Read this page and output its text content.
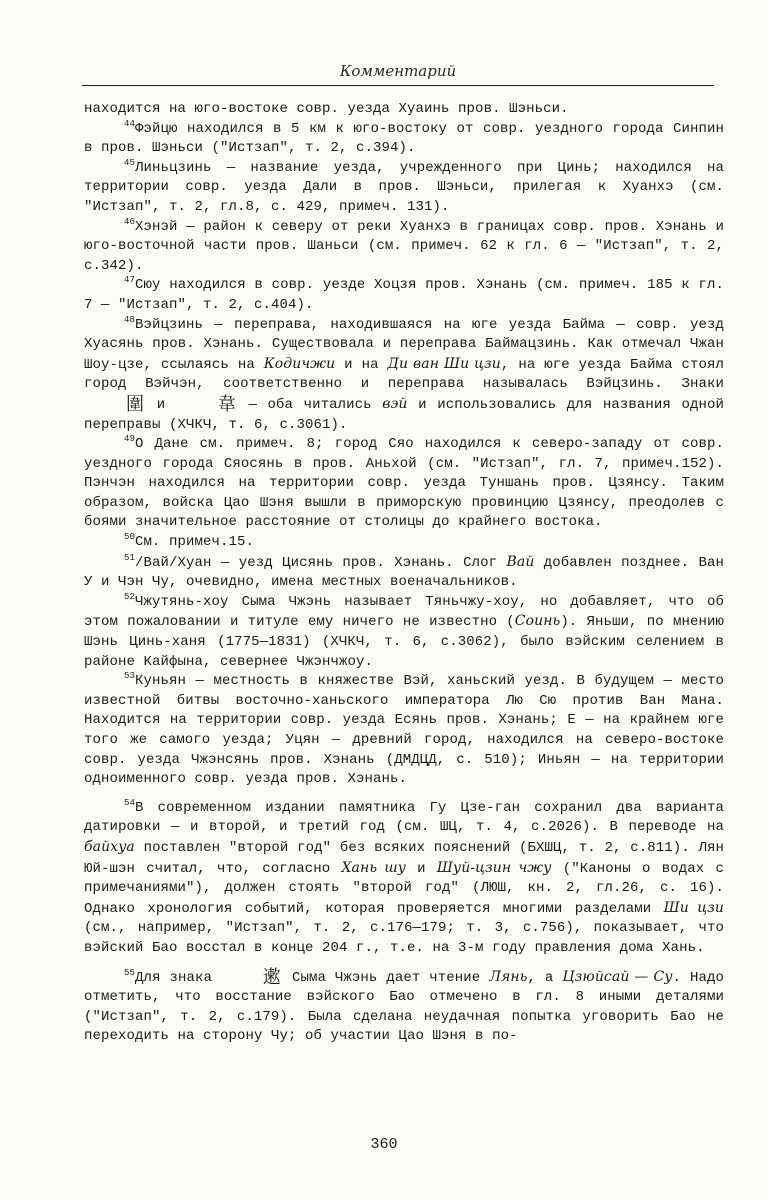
Комментарий

находится на юго-востоке совр. уезда Хуаинь пров. Шэньси.

$^{44}$Фэйцю находился в 5 км к юго-востоку от совр. уездного города Синпин в пров. Шэньси ("Истзап", т. 2, с.394).

$^{45}$Линьцзинь — название уезда, учрежденного при Цинь; находился на территории совр. уезда Дали в пров. Шэньси, прилегая к Хуанхэ (см. "Истзап", т. 2, гл.8, с. 429, примеч. 131).

$^{46}$Хэнэй — район к северу от реки Хуанхэ в границах совр. пров. Хэнань и юго-восточной части пров. Шаньси (см. примеч. 62 к гл. 6 — "Истзап", т. 2, с.342).

$^{47}$Сюу находился в совр. уезде Хоцзя пров. Хэнань (см. примеч. 185 к гл. 7 — "Истзап", т. 2, с.404).

$^{48}$Вэйцзинь — переправа, находившаяся на юге уезда Байма — совр. уезд Хуасянь пров. Хэнань. Существовала и переправа Баймацзинь. Как отмечал Чжан Шоу-цзе, ссылаясь на Кодичжи и на Ди ван Ши цзи, на юге уезда Байма стоял город Вэйчэн, соответственно и переправа называлась Вэйцзинь. Знаки 圍 и 韋 — оба читались вэй и использовались для названия одной переправы (ХЧКЧ, т. 6, с.3061).

$^{49}$О Дане см. примеч. 8; город Сяо находился к северо-западу от совр. уездного города Сяосянь в пров. Аньхой (см. "Истзап", гл. 7, примеч.152). Пэнчэн находился на территории совр. уезда Туншань пров. Цзянсу. Таким образом, войска Цао Шэня вышли в приморскую провинцию Цзянсу, преодолев с боями значительное расстояние от столицы до крайнего востока.

$^{50}$См. примеч.15.

$^{51}$/Вай/Хуан — уезд Цисянь пров. Хэнань. Слог Вай добавлен позднее. Ван У и Чэн Чу, очевидно, имена местных военачальников.

$^{52}$Чжутянь-хоу Сыма Чжэнь называет Тяньчжу-хоу, но добавляет, что об этом пожаловании и титуле ему ничего не известно (Соинь). Яньши, по мнению Шэнь Цинь-ханя (1775—1831) (ХЧКЧ, т. 6, с.3062), было вэйским селением в районе Кайфына, севернее Чжэнчжоу.

$^{53}$Куньян — местность в княжестве Вэй, ханьский уезд. В будущем — место известной битвы восточно-ханьского императора Лю Сю против Ван Мана. Находится на территории совр. уезда Есянь пров. Хэнань; Е — на крайнем юге того же самого уезда; Уцян — древний город, находился на северо-востоке совр. уезда Чжэнсянь пров. Хэнань (ДМДЦД, с. 510); Иньян — на территории одноименного совр. уезда пров. Хэнань.

$^{54}$В современном издании памятника Гу Цзе-ган сохранил два варианта датировки — и второй, и третий год (см. ШЦ, т. 4, с.2026). В переводе на байхуа поставлен "второй год" без всяких пояснений (БХШЦ, т. 2, с.811). Лян Юй-шэн считал, что, согласно Хань шу и Шуй-цзин чжу ("Каноны о водах с примечаниями"), должен стоять "второй год" (ЛЮШ, кн. 2, гл.26, с. 16). Однако хронология событий, которая проверяется многими разделами Ши цзи (см., например, "Истзап", т. 2, с.176—179; т. 3, с.756), показывает, что вэйский Бао восстал в конце 204 г., т.е. на 3-м году правления дома Хань.

$^{55}$Для знака 遬 Сыма Чжэнь дает чтение Лянь, а Цзюйсай — Су. Надо отметить, что восстание вэйского Бао отмечено в гл. 8 иными деталями ("Истзап", т. 2, с.179). Была сделана неудачная попытка уговорить Бао не переходить на сторону Чу; об участии Цао Шэня в по-

360
